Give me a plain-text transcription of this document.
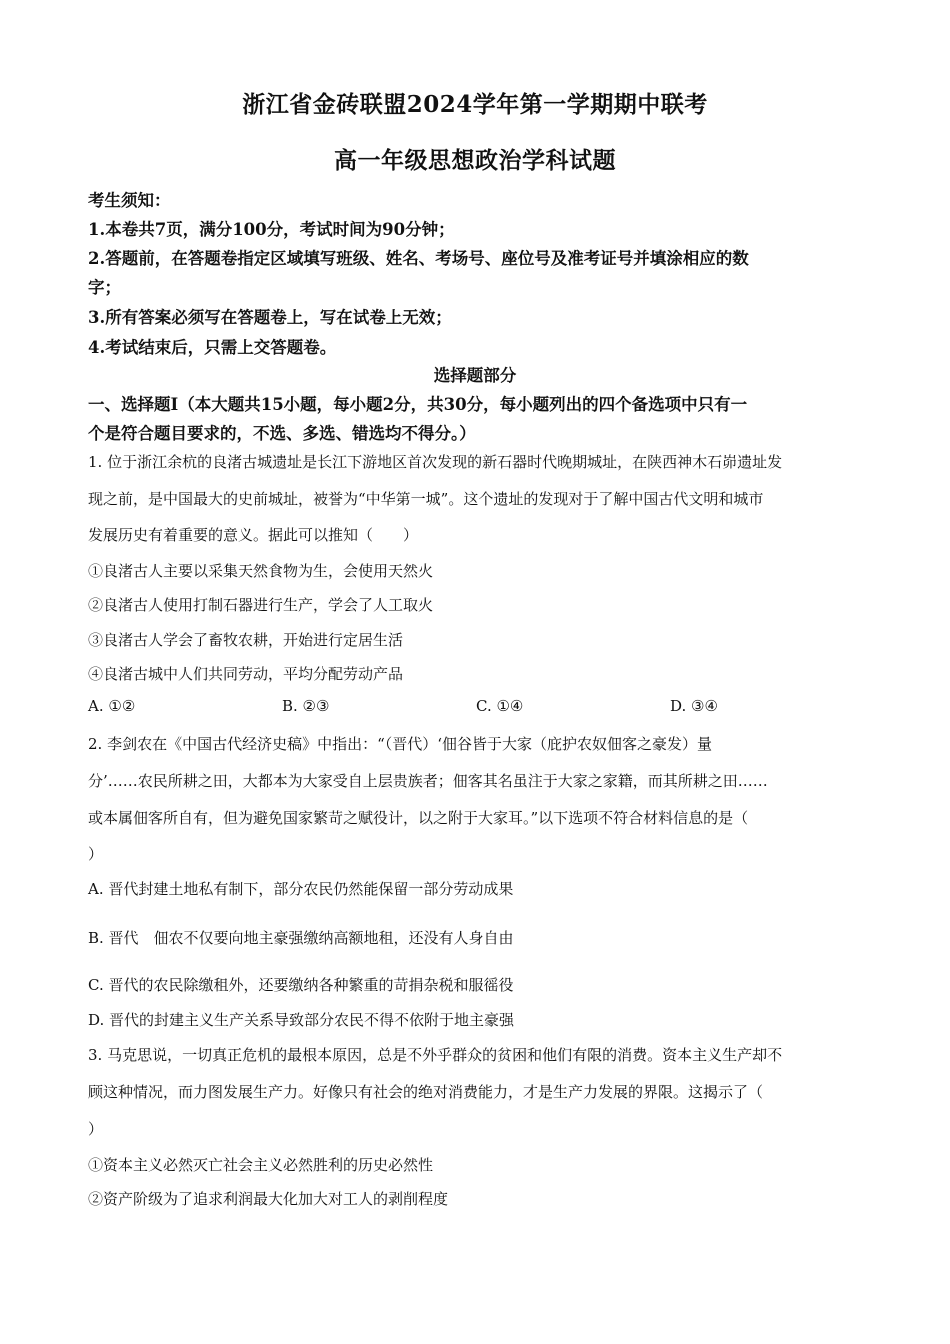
浙江省金砖联盟2024学年第一学期期中联考
高一年级思想政治学科试题
考生须知：
1.本卷共7页，满分100分，考试时间为90分钟；
2.答题前，在答题卷指定区域填写班级、姓名、考场号、座位号及准考证号并填涂相应的数
字；
3.所有答案必须写在答题卷上，写在试卷上无效；
4.考试结束后，只需上交答题卷。
选择题部分
一、选择题Ⅰ（本大题共15小题，每小题2分，共30分，每小题列出的四个备选项中只有一
个是符合题目要求的，不选、多选、错选均不得分。）
1. 位于浙江余杭的良渚古城遗址是长江下游地区首次发现的新石器时代晚期城址，在陕西神木石峁遗址发
现之前，是中国最大的史前城址，被誉为“中华第一城”。这个遗址的发现对于了解中国古代文明和城市
发展历史有着重要的意义。据此可以推知（　　）
①良渚古人主要以采集天然食物为生，会使用天然火
②良渚古人使用打制石器进行生产，学会了人工取火
③良渚古人学会了畜牧农耕，开始进行定居生活
④良渚古城中人们共同劳动，平均分配劳动产品
A. ①②	B. ②③	C. ①④	D. ③④
2. 李剑农在《中国古代经济史稿》中指出：“（晋代）‘佃谷皆于大家（庇护农奴佃客之豪发）量
分’……农民所耕之田，大都本为大家受自上层贵族者；佃客其名虽注于大家之家籍，而其所耕之田……
或本属佃客所自有，但为避免国家繁苛之赋役计，以之附于大家耳。”以下选项不符合材料信息的是（
）
A. 晋代封建土地私有制下，部分农民仍然能保留一部分劳动成果
B. 晋代　佃农不仅要向地主豪强缴纳高额地租，还没有人身自由
C. 晋代的农民除缴租外，还要缴纳各种繁重的苛捐杂税和服徭役
D. 晋代的封建主义生产关系导致部分农民不得不依附于地主豪强
3. 马克思说，一切真正危机的最根本原因，总是不外乎群众的贫困和他们有限的消费。资本主义生产却不
顾这种情况，而力图发展生产力。好像只有社会的绝对消费能力，才是生产力发展的界限。这揭示了（
）
①资本主义必然灭亡社会主义必然胜利的历史必然性
②资产阶级为了追求利润最大化加大对工人的剥削程度
